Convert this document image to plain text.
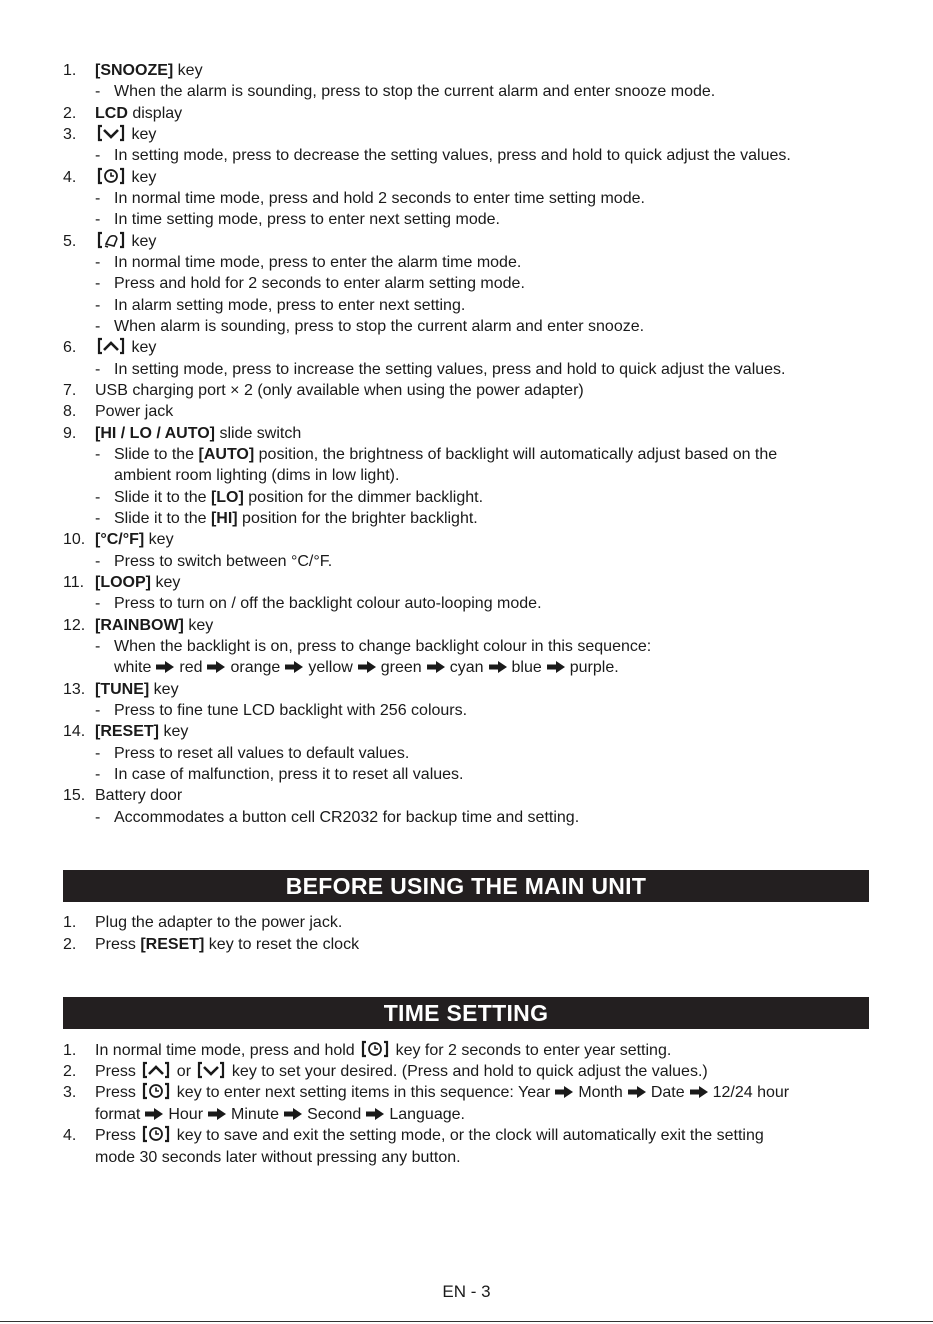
1. [SNOOZE] key
- When the alarm is sounding, press to stop the current alarm and enter snooze mode.
2. LCD display
3.	key
- In setting mode, press to decrease the setting values, press and hold to quick adjust the values.
4.	key
- In normal time mode, press and hold 2 seconds to enter time setting mode.
- In time setting mode, press to enter next setting mode.
5.	key
- In normal time mode, press to enter the alarm time mode.
- Press and hold for 2 seconds to enter alarm setting mode.
- In alarm setting mode, press to enter next setting.
- When alarm is sounding, press to stop the current alarm and enter snooze.
6.	key
- In setting mode, press to increase the setting values, press and hold to quick adjust the values.
7. USB charging port × 2 (only available when using the power adapter)
8. Power jack
9. [HI / LO / AUTO] slide switch
- Slide to the [AUTO] position, the brightness of backlight will automatically adjust based on the
ambient room lighting (dims in low light).
- Slide it to the [LO] position for the dimmer backlight.
- Slide it to the [HI] position for the brighter backlight.
10. [°C/°F] key
- Press to switch between °C/°F.
11. [LOOP] key
- Press to turn on / off the backlight colour auto-looping mode.
12. [RAINBOW] key
- When the backlight is on, press to change backlight colour in this sequence:
white red orange yellow green cyan blue purple.
13. [TUNE] key
- Press to fine tune LCD backlight with 256 colours.
14. [RESET] key
- Press to reset all values to default values.
- In case of malfunction, press it to reset all values.
15. Battery door
- Accommodates a button cell CR2032 for backup time and setting.
BEFORE USING THE MAIN UNIT
1. Plug the adapter to the power jack.
2. Press [RESET] key to reset the clock
TIME SETTING
1. In normal time mode, press and hold  key for 2 seconds to enter year setting.
2. Press  or  key to set your desired. (Press and hold to quick adjust the values.)
3. Press  key to enter next setting items in this sequence: Year Month Date 12/24 hour
format Hour Minute Second Language.
4. Press  key to save and exit the setting mode, or the clock will automatically exit the setting
mode 30 seconds later without pressing any button.
EN - 3
